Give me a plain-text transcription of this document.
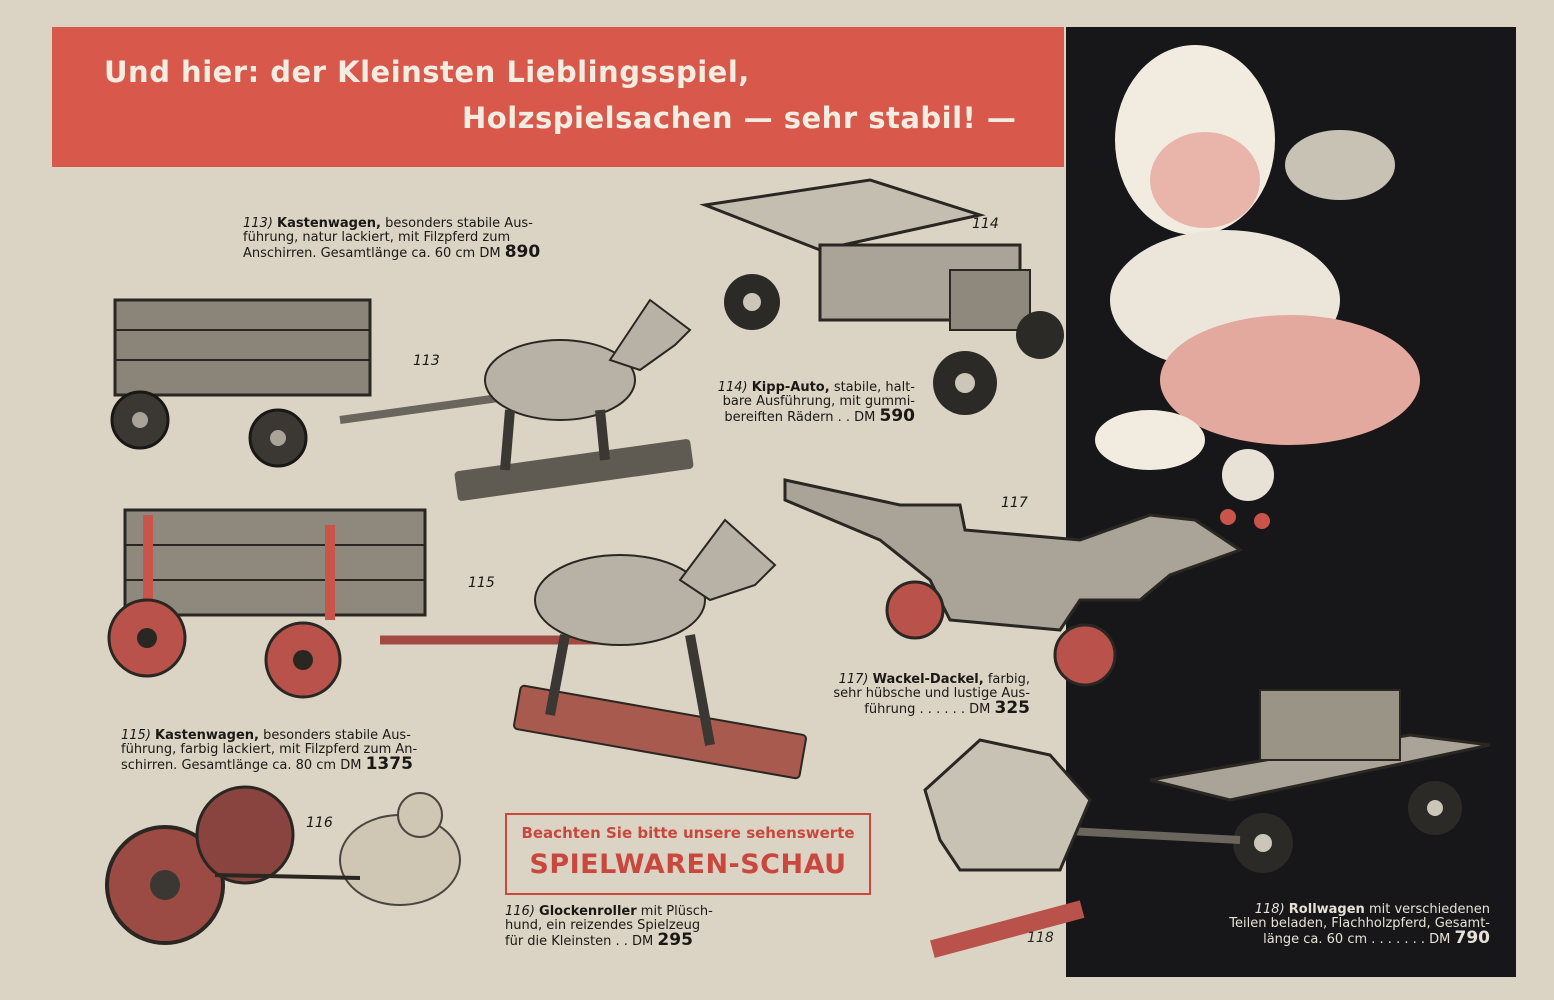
Und hier: der Kleinsten Lieblingsspiel,
Holzspielsachen — sehr stabil! —
113) Kastenwagen, besonders stabile Aus-
führung, natur lackiert, mit Filzpferd zum
Anschirren. Gesamtlänge ca. 60 cm DM 890
113
114
114) Kipp-Auto, stabile, halt-
bare Ausführung, mit gummi-
bereiften Rädern . . DM 590
115
115) Kastenwagen, besonders stabile Aus-
führung, farbig lackiert, mit Filzpferd zum An-
schirren. Gesamtlänge ca. 80 cm DM 1375
116
116) Glockenroller mit Plüsch-
hund, ein reizendes Spielzeug
für die Kleinsten . . DM 295
117
117) Wackel-Dackel, farbig,
sehr hübsche und lustige Aus-
führung . . . . . . DM 325
118
118) Rollwagen mit verschiedenen
Teilen beladen, Flachholzpferd, Gesamt-
länge ca. 60 cm . . . . . . . DM 790
Beachten Sie bitte unsere sehenswerte
SPIELWAREN-SCHAU
